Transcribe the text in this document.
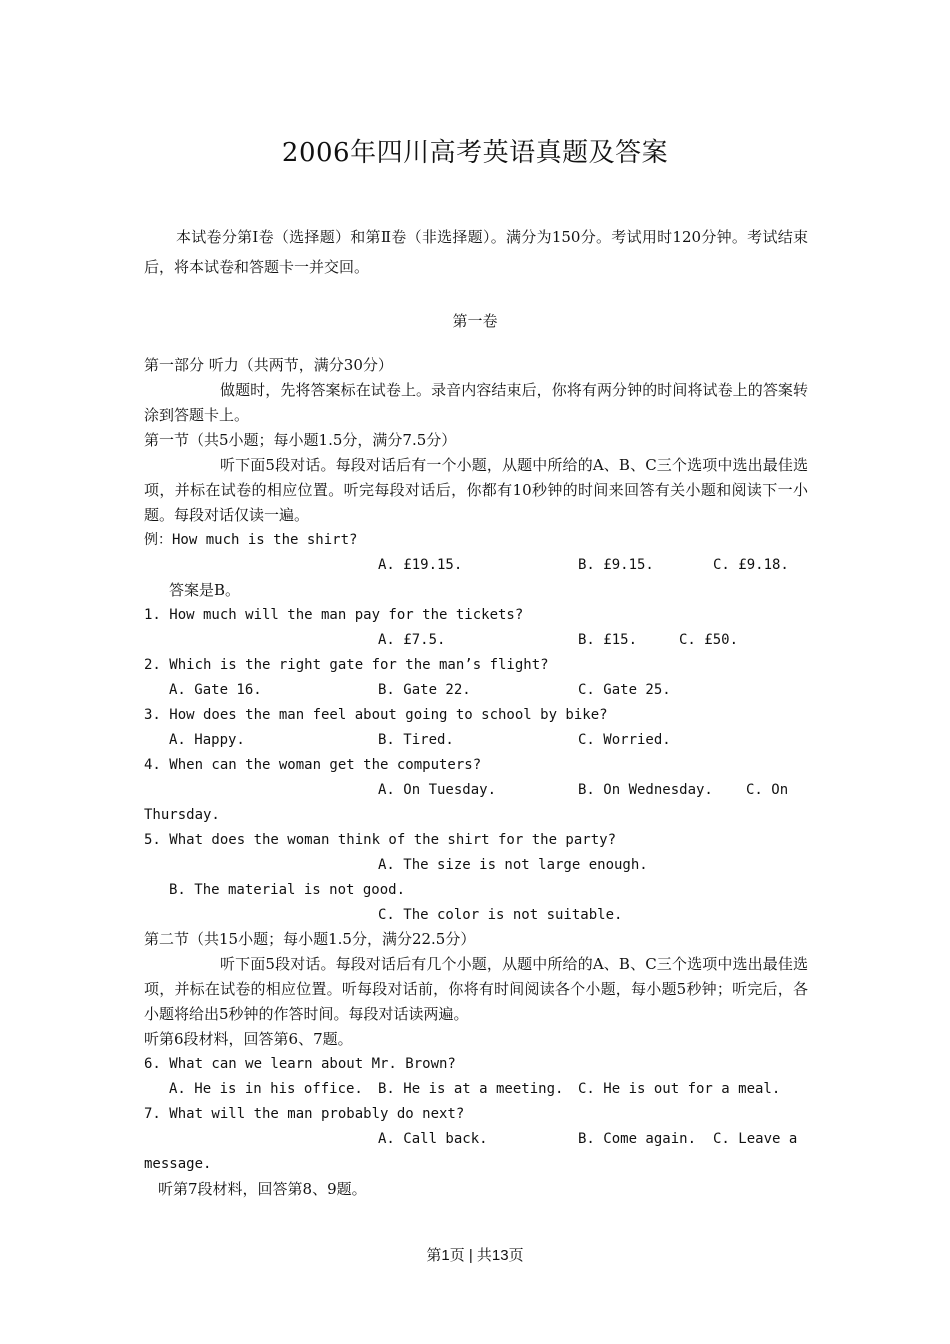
2006年四川高考英语真题及答案

本试卷分第Ⅰ卷（选择题）和第Ⅱ卷（非选择题）。满分为150分。考试用时120分钟。考试结束后，将本试卷和答题卡一并交回。

第一卷
第一部分 听力（共两节，满分30分）
做题时，先将答案标在试卷上。录音内容结束后，你将有两分钟的时间将试卷上的答案转涂到答题卡上。
第一节（共5小题；每小题1.5分，满分7.5分）
听下面5段对话。每段对话后有一个小题，从题中所给的A、B、C三个选项中选出最佳选项，并标在试卷的相应位置。听完每段对话后，你都有10秒钟的时间来回答有关小题和阅读下一小题。每段对话仅读一遍。
例：How much is the shirt?
A. £19.15.	B. £9.15.	C. £9.18.
答案是B。
1. How much will the man pay for the tickets?
A. £7.5.	B. £15.	C. £50.
2. Which is the right gate for the man’s flight?
A. Gate 16.	B. Gate 22.	C. Gate 25.
3. How does the man feel about going to school by bike?
A. Happy.	B. Tired.	C. Worried.
4. When can the woman get the computers?
A. On Tuesday.	B. On Wednesday. C. On
Thursday.
5. What does the woman think of the shirt for the party?
A. The size is not large enough.
B. The material is not good.
C. The color is not suitable.
第二节（共15小题；每小题1.5分，满分22.5分）
听下面5段对话。每段对话后有几个小题，从题中所给的A、B、C三个选项中选出最佳选项，并标在试卷的相应位置。听每段对话前，你将有时间阅读各个小题，每小题5秒钟；听完后，各小题将给出5秒钟的作答时间。每段对话读两遍。
听第6段材料，回答第6、7题。
6. What can we learn about Mr. Brown?
A. He is in his office. B. He is at a meeting. C. He is out for a meal.
7. What will the man probably do next?
A. Call back.	B. Come again. C. Leave a
message.
听第7段材料，回答第8、9题。
第1页 | 共13页
